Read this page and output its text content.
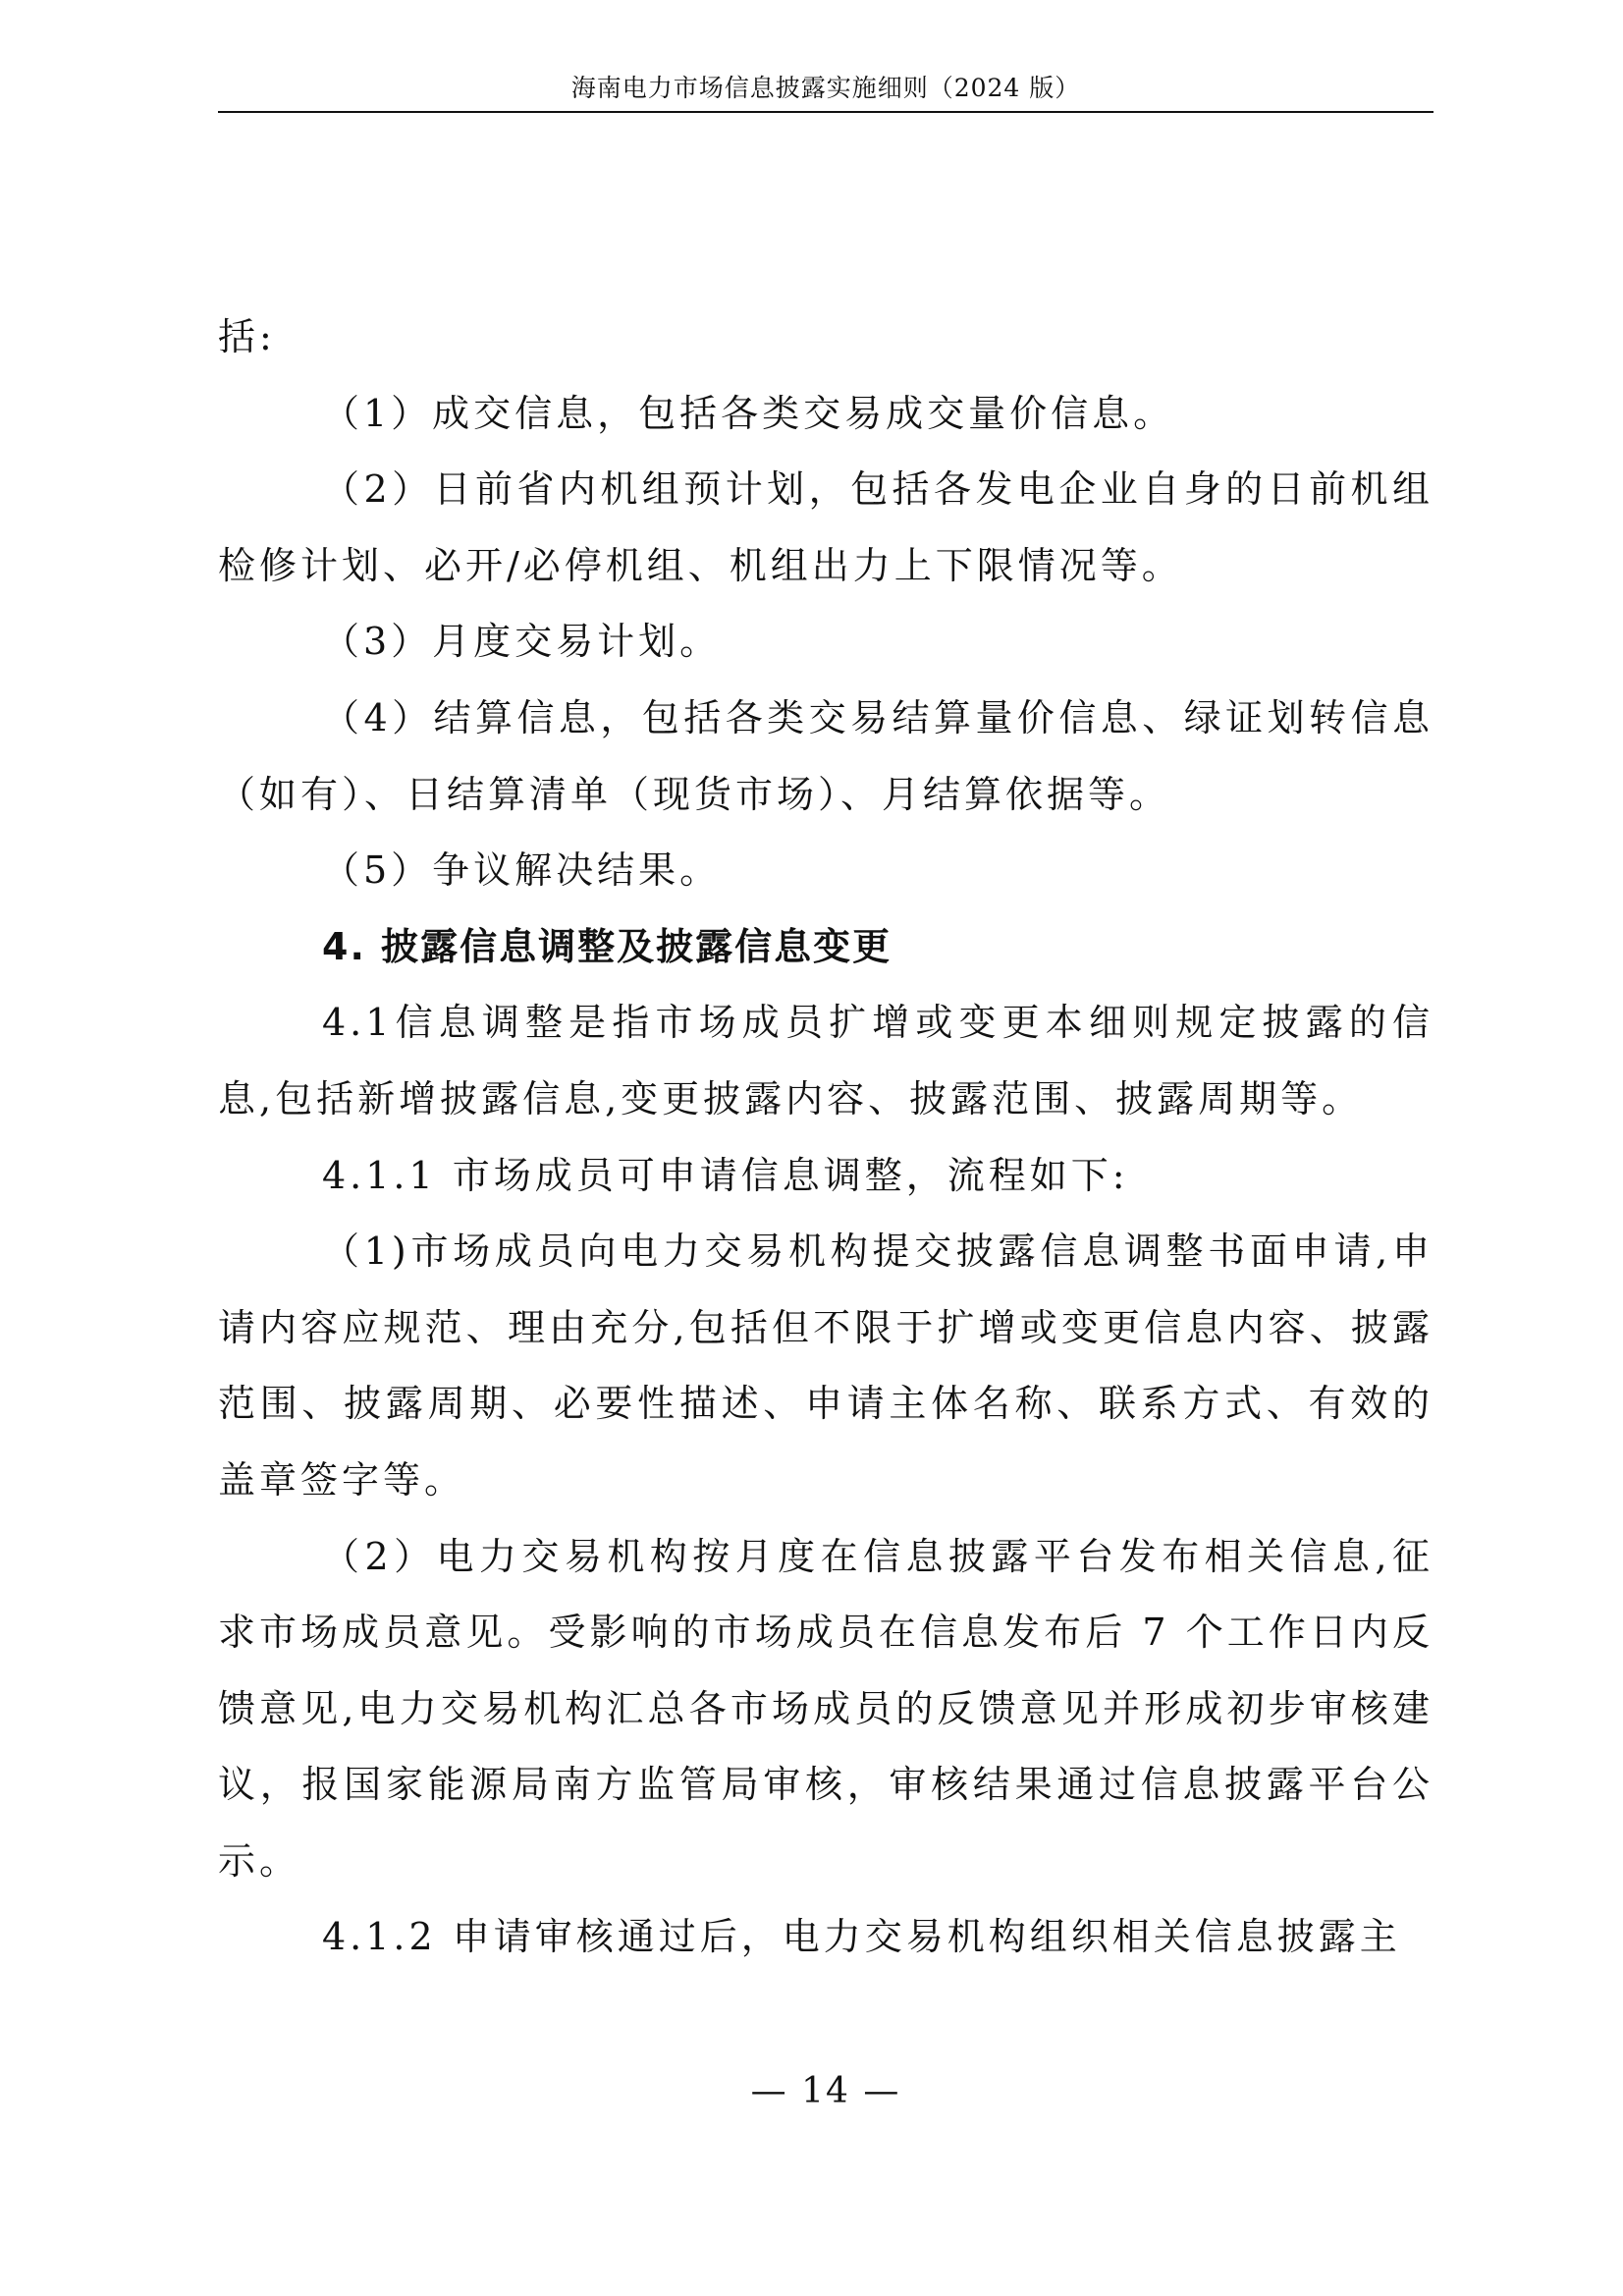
海南电力市场信息披露实施细则（2024 版）

括:

（1）成交信息，包括各类交易成交量价信息。

（2）日前省内机组预计划，包括各发电企业自身的日前机组检修计划、必开/必停机组、机组出力上下限情况等。

（3）月度交易计划。

（4）结算信息，包括各类交易结算量价信息、绿证划转信息（如有）、日结算清单（现货市场）、月结算依据等。

（5）争议解决结果。

4. 披露信息调整及披露信息变更

4.1信息调整是指市场成员扩增或变更本细则规定披露的信息,包括新增披露信息,变更披露内容、披露范围、披露周期等。

4.1.1 市场成员可申请信息调整，流程如下:

（1)市场成员向电力交易机构提交披露信息调整书面申请,申请内容应规范、理由充分,包括但不限于扩增或变更信息内容、披露范围、披露周期、必要性描述、申请主体名称、联系方式、有效的盖章签字等。

（2）电力交易机构按月度在信息披露平台发布相关信息,征求市场成员意见。受影响的市场成员在信息发布后 7 个工作日内反馈意见,电力交易机构汇总各市场成员的反馈意见并形成初步审核建议，报国家能源局南方监管局审核，审核结果通过信息披露平台公示。

4.1.2 申请审核通过后，电力交易机构组织相关信息披露主

— 14 —
